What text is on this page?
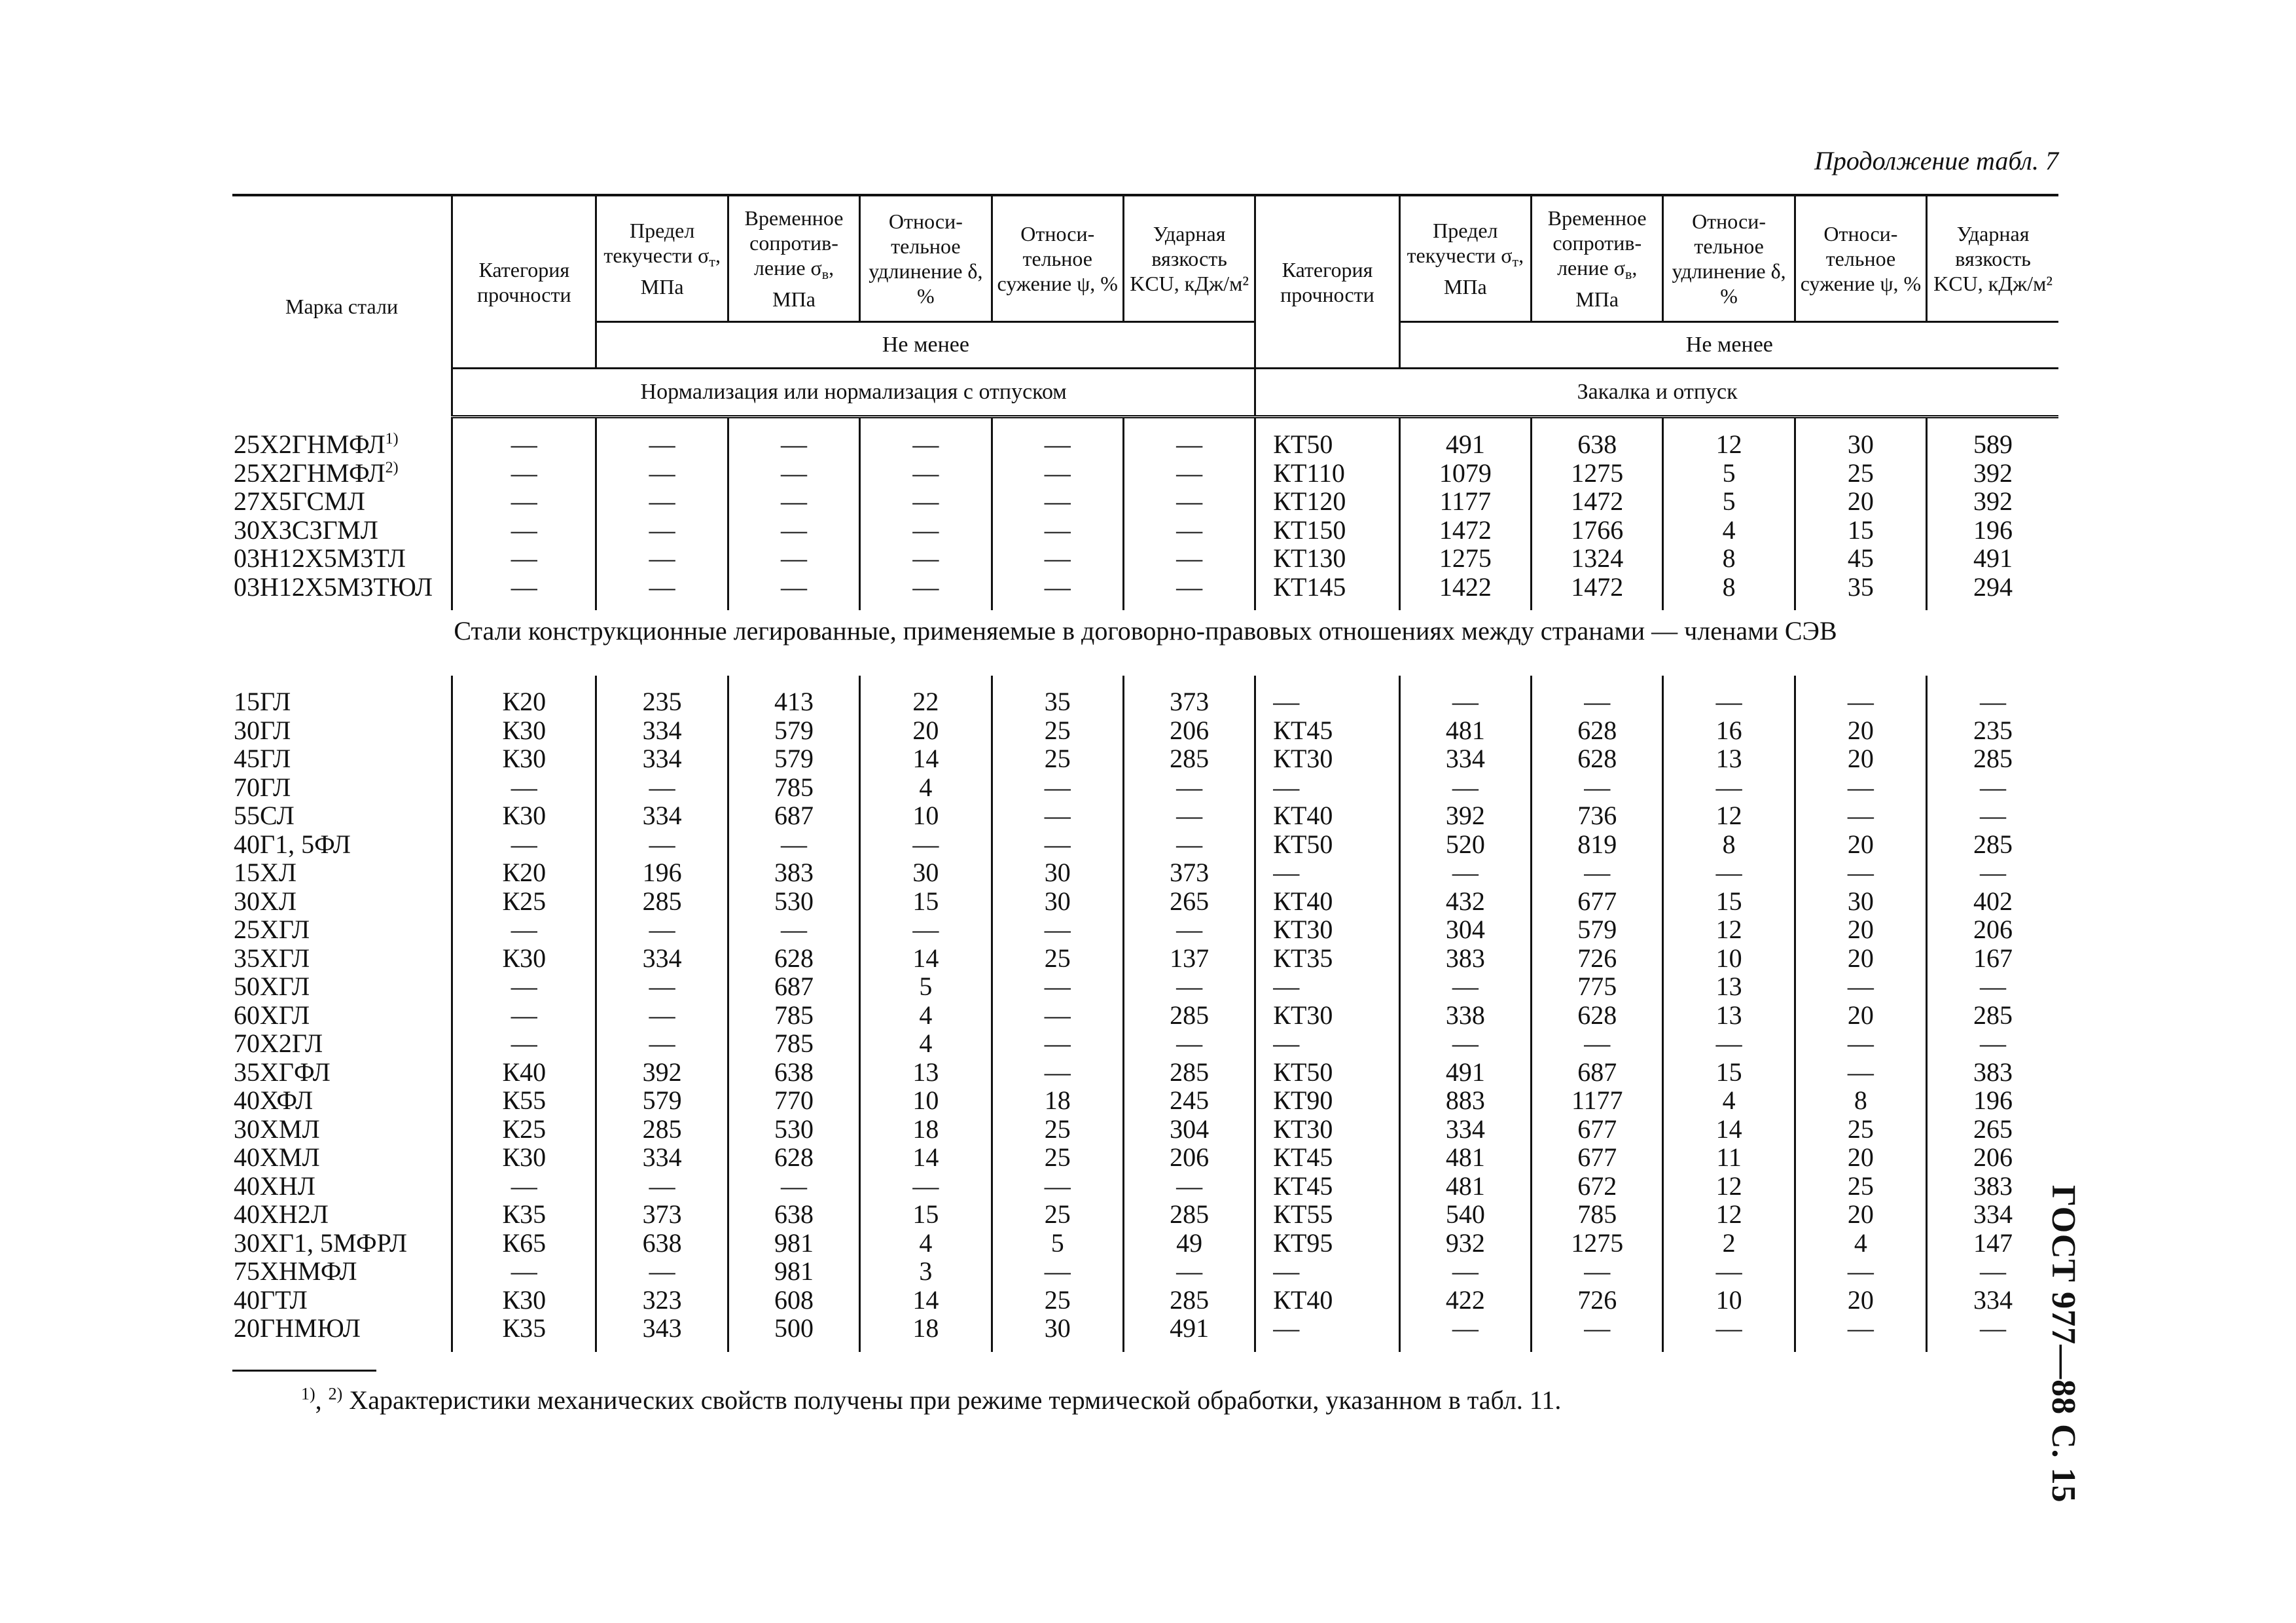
Продолжение табл. 7
Марка стали	Категория прочности	Предел текучести $\sigma_т$, МПа	Временное сопротив-ление $\sigma_в$, МПа	Относи-тельное удлинение δ, %	Относи-тельное сужение ψ, %	Ударная вязкость KCU, кДж/м²	Категория прочности	Предел текучести $\sigma_т$, МПа	Временное сопротив-ление $\sigma_в$, МПа	Относи-тельное удлинение δ, %	Относи-тельное сужение ψ, %	Ударная вязкость KCU, кДж/м²
		Не менее						Не менее				
	Нормализация или нормализация с отпуском						Закалка и отпуск					

25Х2ГНМФЛ$^{1)}$	—	—	—	—	—	—	КТ50	491	638	12	30	589
25Х2ГНМФЛ$^{2)}$	—	—	—	—	—	—	КТ110	1079	1275	5	25	392
27Х5ГСМЛ	—	—	—	—	—	—	КТ120	1177	1472	5	20	392
30Х3С3ГМЛ	—	—	—	—	—	—	КТ150	1472	1766	4	15	196
03Н12Х5М3ТЛ	—	—	—	—	—	—	КТ130	1275	1324	8	45	491
03Н12Х5М3ТЮЛ	—	—	—	—	—	—	КТ145	1422	1472	8	35	294

Стали конструкционные легированные, применяемые в договорно-правовых отношениях между странами — членами СЭВ

15ГЛ	К20	235	413	22	35	373	—	—	—	—	—	—
30ГЛ	К30	334	579	20	25	206	КТ45	481	628	16	20	235
45ГЛ	К30	334	579	14	25	285	КТ30	334	628	13	20	285
70ГЛ	—	—	785	4	—	—	—	—	—	—	—	—
55СЛ	К30	334	687	10	—	—	КТ40	392	736	12	—	—
40Г1, 5ФЛ	—	—	—	—	—	—	КТ50	520	819	8	20	285
15ХЛ	К20	196	383	30	30	373	—	—	—	—	—	—
30ХЛ	К25	285	530	15	30	265	КТ40	432	677	15	30	402
25ХГЛ	—	—	—	—	—	—	КТ30	304	579	12	20	206
35ХГЛ	К30	334	628	14	25	137	КТ35	383	726	10	20	167
50ХГЛ	—	—	687	5	—	—	—	—	775	13	—	—
60ХГЛ	—	—	785	4	—	285	КТ30	338	628	13	20	285
70Х2ГЛ	—	—	785	4	—	—	—	—	—	—	—	—
35ХГФЛ	К40	392	638	13	—	285	КТ50	491	687	15	—	383
40ХФЛ	К55	579	770	10	18	245	КТ90	883	1177	4	8	196
30ХМЛ	К25	285	530	18	25	304	КТ30	334	677	14	25	265
40ХМЛ	К30	334	628	14	25	206	КТ45	481	677	11	20	206
40ХНЛ	—	—	—	—	—	—	КТ45	481	672	12	25	383
40ХН2Л	К35	373	638	15	25	285	КТ55	540	785	12	20	334
30ХГ1, 5МФРЛ	К65	638	981	4	5	49	КТ95	932	1275	2	4	147
75ХНМФЛ	—	—	981	3	—	—	—	—	—	—	—	—
40ГТЛ	К30	323	608	14	25	285	КТ40	422	726	10	20	334
20ГНМЮЛ	К35	343	500	18	30	491	—	—	—	—	—	—

$^{1)}$, $^{2)}$ Характеристики механических свойств получены при режиме термической обработки, указанном в табл. 11.	ГОСТ 977—88 С. 15
